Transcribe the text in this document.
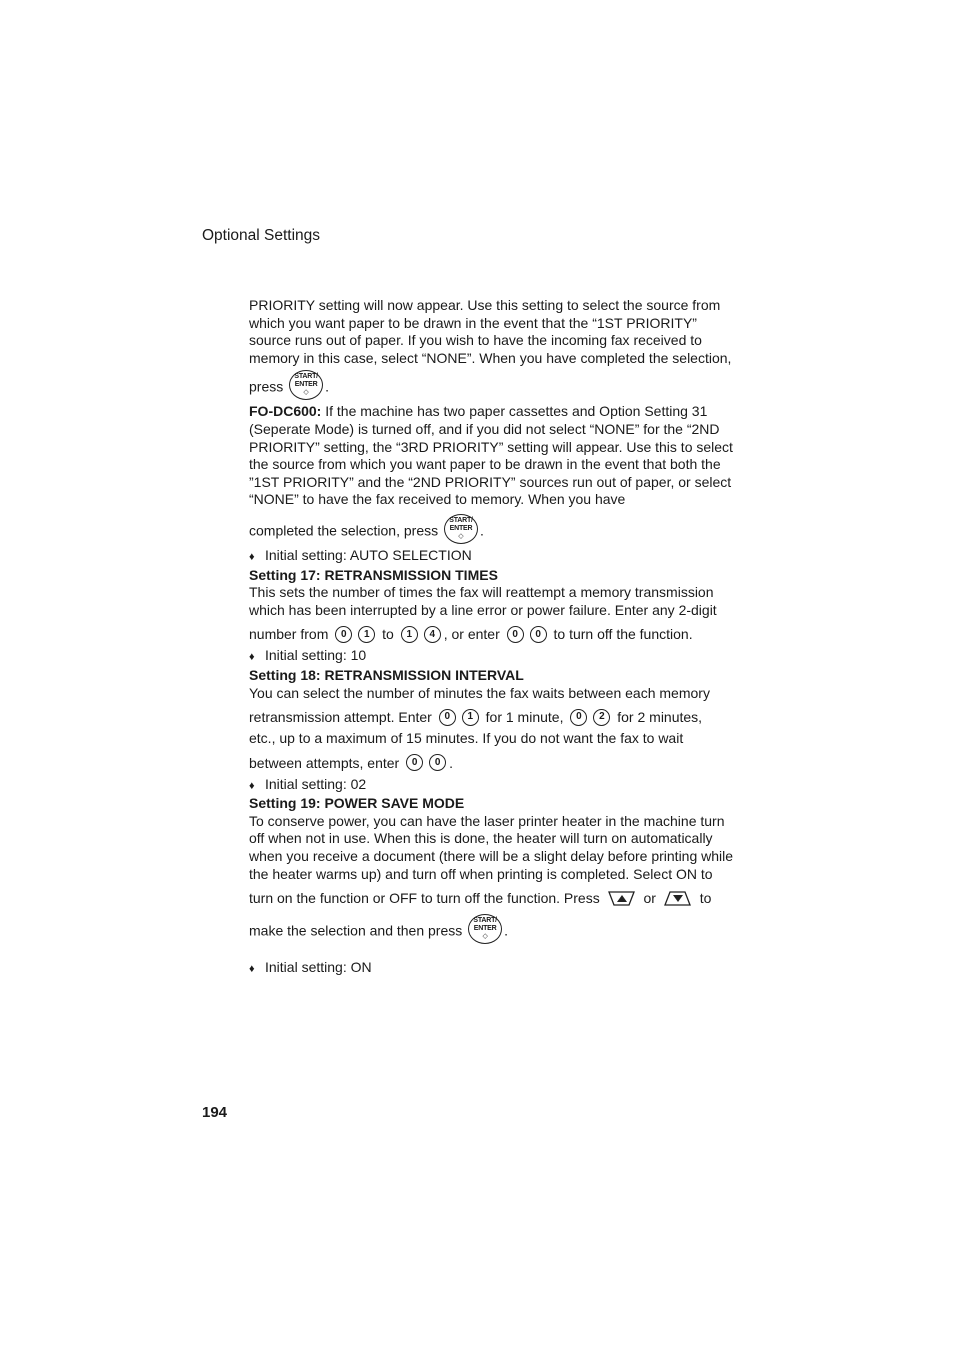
Optional Settings

PRIORITY setting will now appear. Use this setting to select the source from which you want paper to be drawn in the event that the “1ST PRIORITY” source runs out of paper. If you wish to have the incoming fax received to memory in this case, select “NONE”. When you have completed the selection,

press
START/
ENTER
◇ .

FO-DC600: If the machine has two paper cassettes and Option Setting 31 (Seperate Mode) is turned off, and if you did not select “NONE” for the “2ND PRIORITY” setting, the “3RD PRIORITY” setting will appear. Use this to select the source from which you want paper to be drawn in the event that both the ”1ST PRIORITY” and the “2ND PRIORITY” sources run out of paper, or select “NONE” to have the fax received to memory. When you have

completed the selection, press
START/
ENTER
◇ .

♦ Initial setting: AUTO SELECTION

Setting 17: RETRANSMISSION TIMES

This sets the number of times the fax will reattempt a memory transmission which has been interrupted by a line error or power failure. Enter any 2-digit

number from 0 1 to 1 4 , or enter 0 0 to turn off the function.

♦ Initial setting: 10

Setting 18: RETRANSMISSION INTERVAL

You can select the number of minutes the fax waits between each memory

retransmission attempt. Enter 0 1 for 1 minute, 0 2 for 2 minutes,

etc., up to a maximum of 15 minutes. If you do not want the fax to wait

between attempts, enter 0 0 .

♦ Initial setting: 02

Setting 19: POWER SAVE MODE

To conserve power, you can have the laser printer heater in the machine turn off when not in use. When this is done, the heater will turn on automatically when you receive a document (there will be a slight delay before printing while the heater warms up) and turn off when printing is completed. Select ON to

turn on the function or OFF to turn off the function. Press	or	to

make the selection and then press
START/
ENTER
◇ .

♦ Initial setting: ON

194
